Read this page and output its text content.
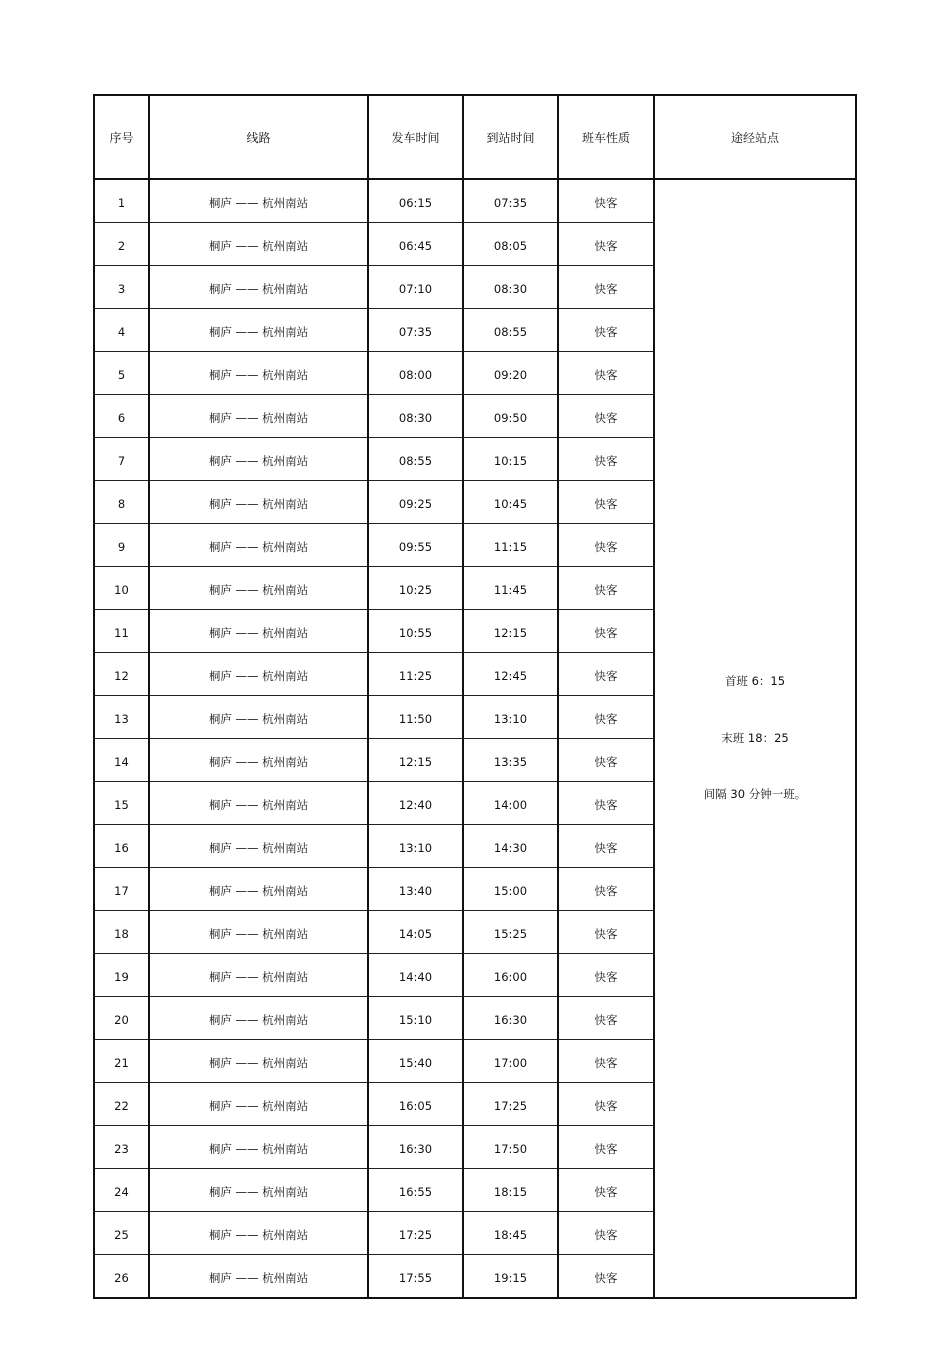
序号	线路	发车时间	到站时间	班车性质	途经站点
1	桐庐 —— 杭州南站	06:15	07:35	快客	首班 6：15
末班 18：25
间隔 30 分钟一班。

2	桐庐 —— 杭州南站	06:45	08:05	快客	
3	桐庐 —— 杭州南站	07:10	08:30	快客	
4	桐庐 —— 杭州南站	07:35	08:55	快客	
5	桐庐 —— 杭州南站	08:00	09:20	快客	
6	桐庐 —— 杭州南站	08:30	09:50	快客	
7	桐庐 —— 杭州南站	08:55	10:15	快客	
8	桐庐 —— 杭州南站	09:25	10:45	快客	
9	桐庐 —— 杭州南站	09:55	11:15	快客	
10	桐庐 —— 杭州南站	10:25	11:45	快客	
11	桐庐 —— 杭州南站	10:55	12:15	快客	
12	桐庐 —— 杭州南站	11:25	12:45	快客	
13	桐庐 —— 杭州南站	11:50	13:10	快客	
14	桐庐 —— 杭州南站	12:15	13:35	快客	
15	桐庐 —— 杭州南站	12:40	14:00	快客	
16	桐庐 —— 杭州南站	13:10	14:30	快客	
17	桐庐 —— 杭州南站	13:40	15:00	快客	
18	桐庐 —— 杭州南站	14:05	15:25	快客	
19	桐庐 —— 杭州南站	14:40	16:00	快客	
20	桐庐 —— 杭州南站	15:10	16:30	快客	
21	桐庐 —— 杭州南站	15:40	17:00	快客	
22	桐庐 —— 杭州南站	16:05	17:25	快客	
23	桐庐 —— 杭州南站	16:30	17:50	快客	
24	桐庐 —— 杭州南站	16:55	18:15	快客	
25	桐庐 —— 杭州南站	17:25	18:45	快客	
26	桐庐 —— 杭州南站	17:55	19:15	快客	
